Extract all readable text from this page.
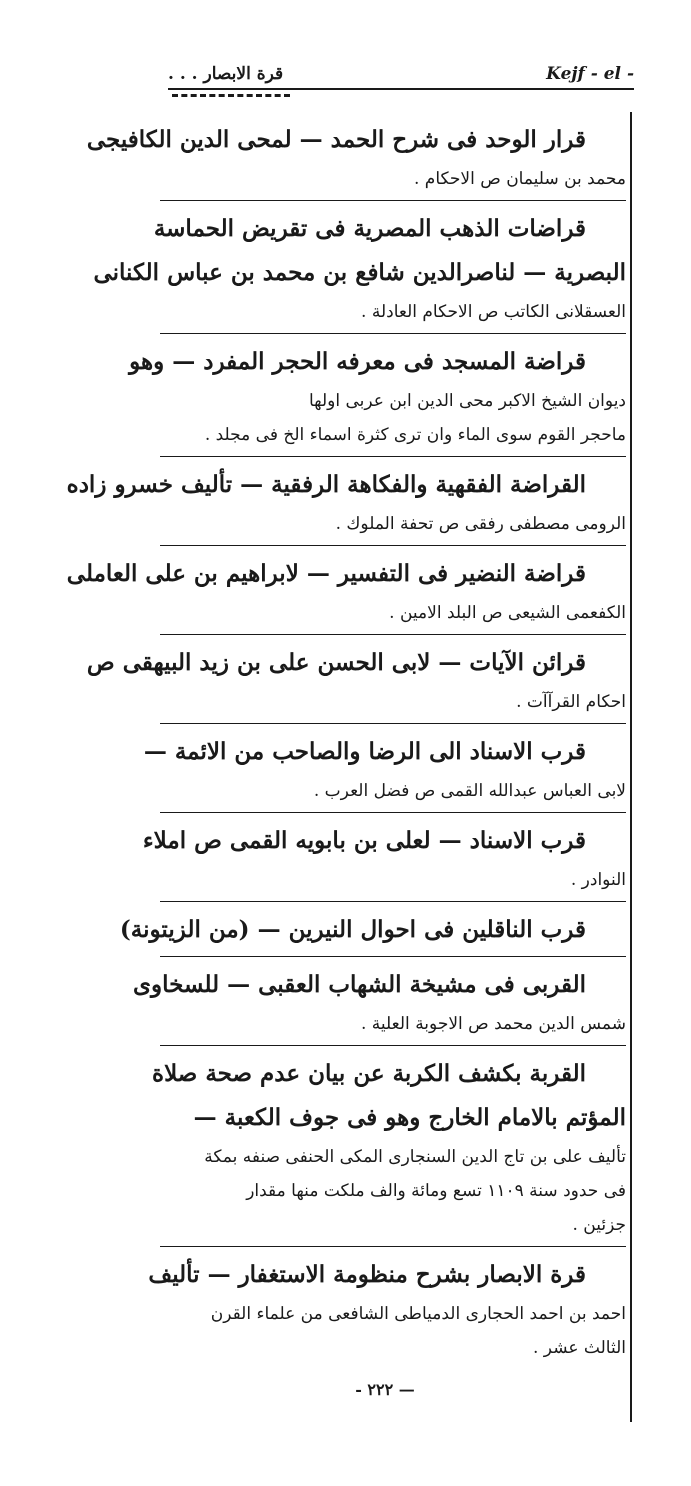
قرة الابصار . . .	Kejf - el -
قرار الوحد فى شرح الحمد — لمحى الدين الكافيجى
محمد بن سليمان ص الاحكام .
قراضات الذهب المصرية فى تقريض الحماسة
البصرية — لناصرالدين شافع بن محمد بن عباس الكنانى
العسقلانى الكاتب ص الاحكام العادلة .
قراضة المسجد فى معرفه الحجر المفرد — وهو
ديوان الشيخ الاكبر محى الدين ابن عربى اولها
ماحجر القوم سوى الماء وان ترى كثرة اسماء الخ فى مجلد .
القراضة الفقهية والفكاهة الرفقية — تأليف خسرو زاده
الرومى مصطفى رفقى ص تحفة الملوك .
قراضة النضير فى التفسير — لابراهيم بن على العاملى
الكفعمى الشيعى ص البلد الامين .
قرائن الآيات — لابى الحسن على بن زيد البيهقى ص
احكام القرآآت .
قرب الاسناد الى الرضا والصاحب من الائمة —
لابى العباس عبدالله القمى ص فضل العرب .
قرب الاسناد — لعلى بن بابويه القمى ص املاء
النوادر .
قرب الناقلين فى احوال النيرين — (من الزيتونة)
القربى فى مشيخة الشهاب العقبى — للسخاوى
شمس الدين محمد ص الاجوبة العلية .
القربة بكشف الكربة عن بيان عدم صحة صلاة
المؤتم بالامام الخارج وهو فى جوف الكعبة —
تأليف على بن تاج الدين السنجارى المكى الحنفى صنفه بمكة
فى حدود سنة ١١٠٩ تسع ومائة والف ملكت منها مقدار
جزئين .
قرة الابصار بشرح منظومة الاستغفار — تأليف
احمد بن احمد الحجارى الدمياطى الشافعى من علماء القرن
الثالث عشر .
— ٢٢٢ -
